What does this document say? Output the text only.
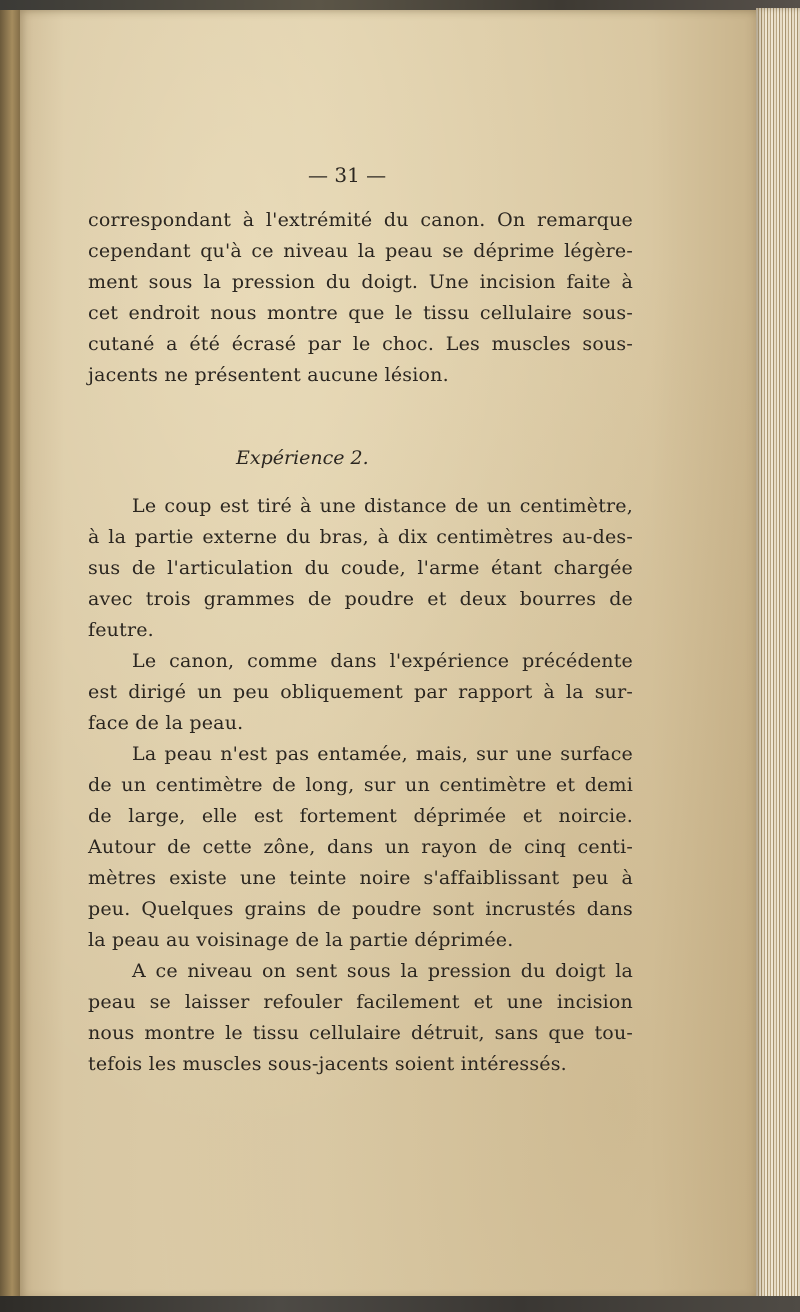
— 31 —
correspondant à l'extrémité du canon. On remarque
cependant qu'à ce niveau la peau se déprime légère-
ment sous la pression du doigt. Une incision faite à
cet endroit nous montre que le tissu cellulaire sous-
cutané a été écrasé par le choc. Les muscles sous-
jacents ne présentent aucune lésion.
Le coup est tiré à une distance de un centimètre,
à la partie externe du bras, à dix centimètres au-des-
sus de l'articulation du coude, l'arme étant chargée
avec trois grammes de poudre et deux bourres de
feutre.
Le canon, comme dans l'expérience précédente
est dirigé un peu obliquement par rapport à la sur-
face de la peau.
La peau n'est pas entamée, mais, sur une surface
de un centimètre de long, sur un centimètre et demi
de large, elle est fortement déprimée et noircie.
Autour de cette zône, dans un rayon de cinq centi-
mètres existe une teinte noire s'affaiblissant peu à
peu. Quelques grains de poudre sont incrustés dans
la peau au voisinage de la partie déprimée.
A ce niveau on sent sous la pression du doigt la
peau se laisser refouler facilement et une incision
nous montre le tissu cellulaire détruit, sans que tou-
tefois les muscles sous-jacents soient intéressés.
Expérience 2.
